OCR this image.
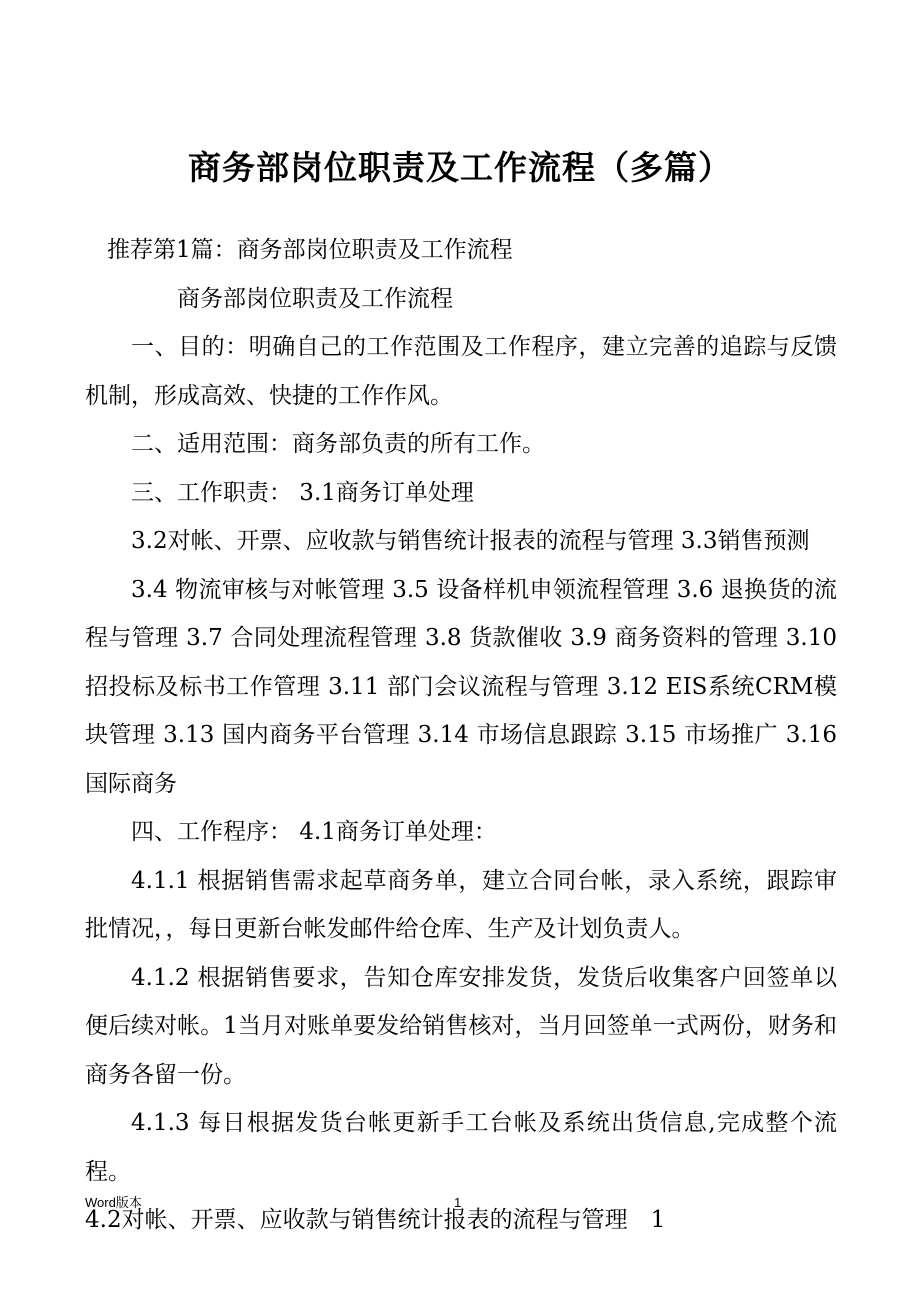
商务部岗位职责及工作流程（多篇）

推荐第1篇：商务部岗位职责及工作流程

商务部岗位职责及工作流程

一、目的：明确自己的工作范围及工作程序，建立完善的追踪与反馈机制，形成高效、快捷的工作作风。

二、适用范围：商务部负责的所有工作。

三、工作职责： 3.1商务订单处理

3.2对帐、开票、应收款与销售统计报表的流程与管理 3.3销售预测

3.4 物流审核与对帐管理 3.5 设备样机申领流程管理 3.6 退换货的流程与管理 3.7 合同处理流程管理 3.8 货款催收 3.9 商务资料的管理 3.10 招投标及标书工作管理 3.11 部门会议流程与管理 3.12 EIS系统CRM模块管理 3.13 国内商务平台管理 3.14 市场信息跟踪 3.15 市场推广 3.16 国际商务

四、工作程序： 4.1商务订单处理：

4.1.1 根据销售需求起草商务单，建立合同台帐，录入系统，跟踪审批情况，，每日更新台帐发邮件给仓库、生产及计划负责人。

4.1.2 根据销售要求，告知仓库安排发货，发货后收集客户回签单以便后续对帐。1当月对账单要发给销售核对，当月回签单一式两份，财务和商务各留一份。

4.1.3 每日根据发货台帐更新手工台帐及系统出货信息,完成整个流程。

4.2对帐、开票、应收款与销售统计报表的流程与管理　1

Word版本	1
